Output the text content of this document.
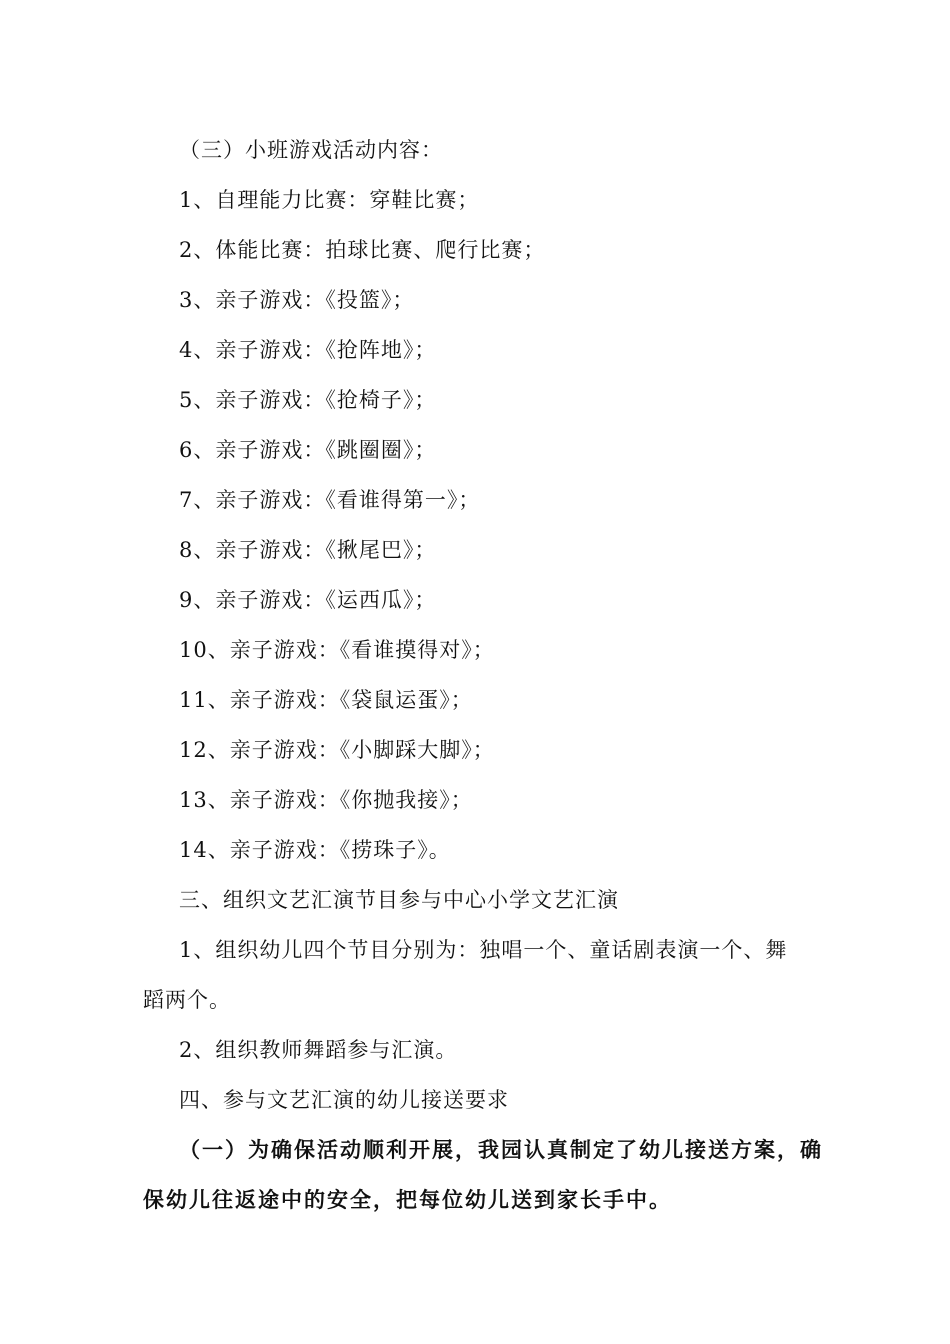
（三）小班游戏活动内容：
1、自理能力比赛：穿鞋比赛；
2、体能比赛：拍球比赛、爬行比赛；
3、亲子游戏：《投篮》；
4、亲子游戏：《抢阵地》；
5、亲子游戏：《抢椅子》；
6、亲子游戏：《跳圈圈》；
7、亲子游戏：《看谁得第一》；
8、亲子游戏：《揪尾巴》；
9、亲子游戏：《运西瓜》；
10、亲子游戏：《看谁摸得对》；
11、亲子游戏：《袋鼠运蛋》；
12、亲子游戏：《小脚踩大脚》；
13、亲子游戏：《你抛我接》；
14、亲子游戏：《捞珠子》。
三、组织文艺汇演节目参与中心小学文艺汇演
1、组织幼儿四个节目分别为：独唱一个、童话剧表演一个、舞
蹈两个。
2、组织教师舞蹈参与汇演。
四、参与文艺汇演的幼儿接送要求
（一）为确保活动顺利开展，我园认真制定了幼儿接送方案，确
保幼儿往返途中的安全，把每位幼儿送到家长手中。
